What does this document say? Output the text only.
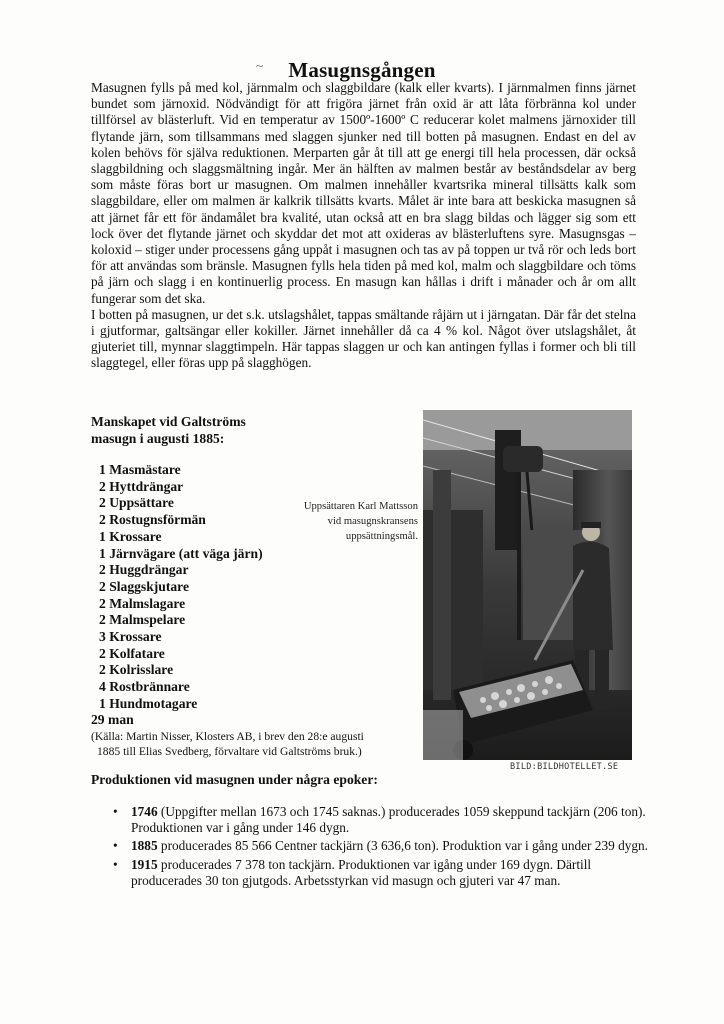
~	Masugnsgången

Masugnen fylls på med kol, järnmalm och slaggbildare (kalk eller kvarts). I järnmalmen finns järnet bundet som järnoxid. Nödvändigt för att frigöra järnet från oxid är att låta förbränna kol under tillförsel av blästerluft. Vid en temperatur av 1500º-1600º C reducerar kolet malmens järnoxider till flytande järn, som tillsammans med slaggen sjunker ned till botten på masugnen. Endast en del av kolen behövs för själva reduktionen. Merparten går åt till att ge energi till hela processen, där också slaggbildning och slaggsmältning ingår. Mer än hälften av malmen består av beståndsdelar av berg som måste föras bort ur masugnen. Om malmen innehåller kvartsrika mineral tillsätts kalk som slaggbildare, eller om malmen är kalkrik tillsätts kvarts. Målet är inte bara att beskicka masugnen så att järnet får ett för ändamålet bra kvalité, utan också att en bra slagg bildas och lägger sig som ett lock över det flytande järnet och skyddar det mot att oxideras av blästerluftens syre. Masugnsgas – koloxid – stiger under processens gång uppåt i masugnen och tas av på toppen ur två rör och leds bort för att användas som bränsle. Masugnen fylls hela tiden på med kol, malm och slaggbildare och töms på järn och slagg i en kontinuerlig process. En masugn kan hållas i drift i månader och år om allt fungerar som det ska.

I botten på masugnen, ur det s.k. utslagshålet, tappas smältande råjärn ut i järngatan. Där får det stelna i gjutformar, galtsängar eller kokiller. Järnet innehåller då ca 4 % kol. Något över utslagshålet, åt gjuteriet till, mynnar slaggtimpeln. Här tappas slaggen ur och kan antingen fyllas i former och bli till slaggtegel, eller föras upp på slagghögen.

Manskapet vid Galtströms masugn i augusti 1885:
1 Masmästare
2 Hyttdrängar
2 Uppsättare
2 Rostugnsförmän
1 Krossare
1 Järnvägare (att väga järn)
2 Huggdrängar
2 Slaggskjutare
2 Malmslagare
2 Malmspelare
3 Krossare
2 Kolfatare
2 Kolrisslare
4 Rostbrännare
1 Hundmotagare
29 man
(Källa: Martin Nisser, Klosters AB, i brev den 28:e augusti
1885 till Elias Svedberg, förvaltare vid Galtströms bruk.)
Uppsättaren Karl Mattsson
vid masugnskransens
uppsättningsmål.
BILD:BILDHOTELLET.SE
Produktionen vid masugnen under några epoker:
• 1746 (Uppgifter mellan 1673 och 1745 saknas.) producerades 1059 skeppund tackjärn (206 ton). Produktionen var i gång under 146 dygn.
• 1885 producerades 85 566 Centner tackjärn (3 636,6 ton). Produktion var i gång under 239 dygn.
• 1915 producerades 7 378 ton tackjärn. Produktionen var igång under 169 dygn. Därtill producerades 30 ton gjutgods. Arbetsstyrkan vid masugn och gjuteri var 47 man.
